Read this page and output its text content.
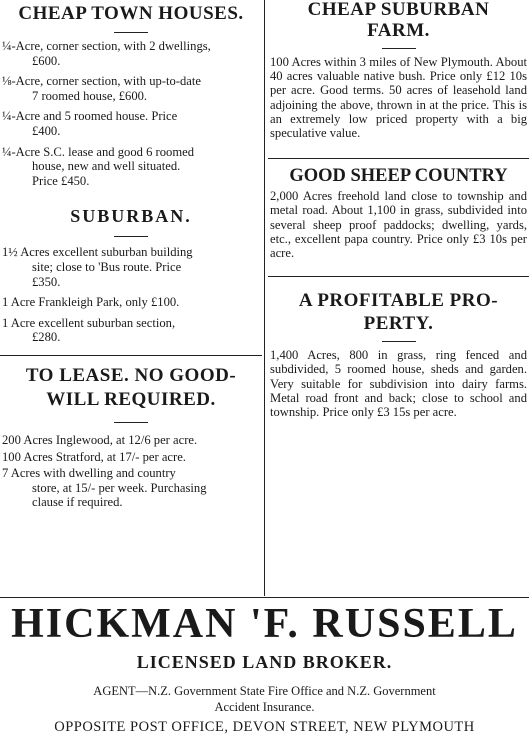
CHEAP TOWN HOUSES.
¼-Acre, corner section, with 2 dwellings,
£600.
⅛-Acre, corner section, with up-to-date
7 roomed house, £600.
¼-Acre and 5 roomed house. Price
£400.
¼-Acre S.C. lease and good 6 roomed
house, new and well situated.
Price £450.
SUBURBAN.
1½ Acres excellent suburban building
site; close to 'Bus route. Price
£350.
1 Acre Frankleigh Park, only £100.
1 Acre excellent suburban section,
£280.
TO LEASE. NO GOOD-
WILL REQUIRED.
200 Acres Inglewood, at 12/6 per acre.
100 Acres Stratford, at 17/- per acre.
7 Acres with dwelling and country
store, at 15/- per week. Purchasing
clause if required.
CHEAP SUBURBAN
FARM.

100 Acres within 3 miles of New Plymouth. About 40 acres valuable native bush. Price only £12 10s per acre. Good terms. 50 acres of leasehold land adjoining the above, thrown in at the price. This is an extremely low priced property with a big speculative value.

GOOD SHEEP COUNTRY

2,000 Acres freehold land close to township and metal road. About 1,100 in grass, subdivided into several sheep proof paddocks; dwelling, yards, etc., excellent papa country. Price only £3 10s per acre.

A PROFITABLE PRO-
PERTY.

1,400 Acres, 800 in grass, ring fenced and subdivided, 5 roomed house, sheds and garden. Very suitable for subdivision into dairy farms. Metal road front and back; close to school and township. Price only £3 15s per acre.

HICKMAN 'F. RUSSELL
LICENSED LAND BROKER.
AGENT—N.Z. Government State Fire Office and N.Z. Government
Accident Insurance.
OPPOSITE POST OFFICE, DEVON STREET, NEW PLYMOUTH
